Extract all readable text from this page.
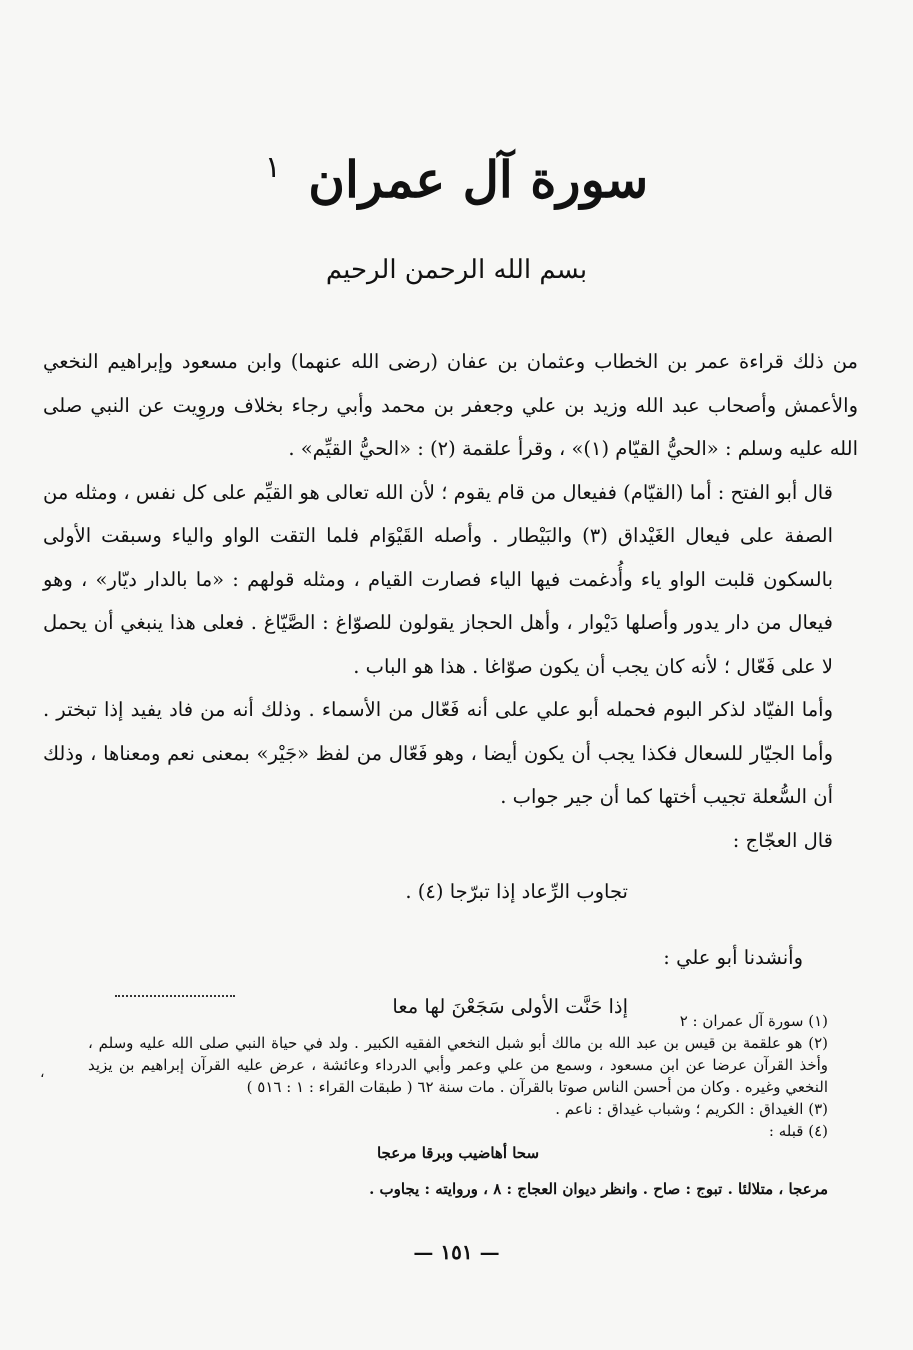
سورة آل عمران $^١$
بسم الله الرحمن الرحيم

من ذلك قراءة عمر بن الخطاب وعثمان بن عفان (رضى الله عنهما) وابن مسعود وإبراهيم النخعي والأعمش وأصحاب عبد الله وزيد بن علي وجعفر بن محمد وأبي رجاء بخلاف وروِيت عن النبي صلى الله عليه وسلم : «الحيُّ القيّام (١)» ، وقرأ علقمة (٢) : «الحيُّ القيِّم» .

قال أبو الفتح : أما (القيّام) ففيعال من قام يقوم ؛ لأن الله تعالى هو القيِّم على كل نفس ، ومثله من الصفة على فيعال الغَيْداق (٣) والبَيْطار . وأصله القَيْوَام فلما التقت الواو والياء وسبقت الأولى بالسكون قلبت الواو ياء وأُدغمت فيها الياء فصارت القيام ، ومثله قولهم : «ما بالدار ديّار» ، وهو فيعال من دار يدور وأصلها دَيْوار ، وأهل الحجاز يقولون للصوّاغ : الصَّيّاغ . فعلى هذا ينبغي أن يحمل لا على فَعّال ؛ لأنه كان يجب أن يكون صوّاغا . هذا هو الباب .

وأما الفيّاد لذكر البوم فحمله أبو علي على أنه فَعّال من الأسماء . وذلك أنه من فاد يفيد إذا تبختر . وأما الجيّار للسعال فكذا يجب أن يكون أيضا ، وهو فَعّال من لفظ «جَيْر» بمعنى نعم ومعناها ، وذلك أن السُّعلة تجيب أختها كما أن جير جواب .

قال العجّاج :

تجاوب الرِّعاد إذا تبرّجا (٤) .

وأنشدنا أبو علي :

إذا حَنَّت الأولى سَجَعْنَ لها معا

(١) سورة آل عمران : ٢

(٢) هو علقمة بن قيس بن عبد الله بن مالك أبو شبل النخعي الفقيه الكبير . ولد في حياة النبي صلى الله عليه وسلم ، وأخذ القرآن عرضا عن ابن مسعود ، وسمع من علي وعمر وأبي الدرداء وعائشة ، عرض عليه القرآن إبراهيم بن يزيد النخعي وغيره . وكان من أحسن الناس صوتا بالقرآن . مات سنة ٦٢ ( طبقات القراء : ١ : ٥١٦ )

(٣) الغيداق : الكريم ؛ وشباب غيداق : ناعم .

(٤) قبله :

سحا أهاضيب وبرقا مرعجا

مرعجا ، متلالئا . تبوج : صاح . وانظر ديوان العجاج : ٨ ، وروايته : يجاوب .

،
— ١٥١ —
